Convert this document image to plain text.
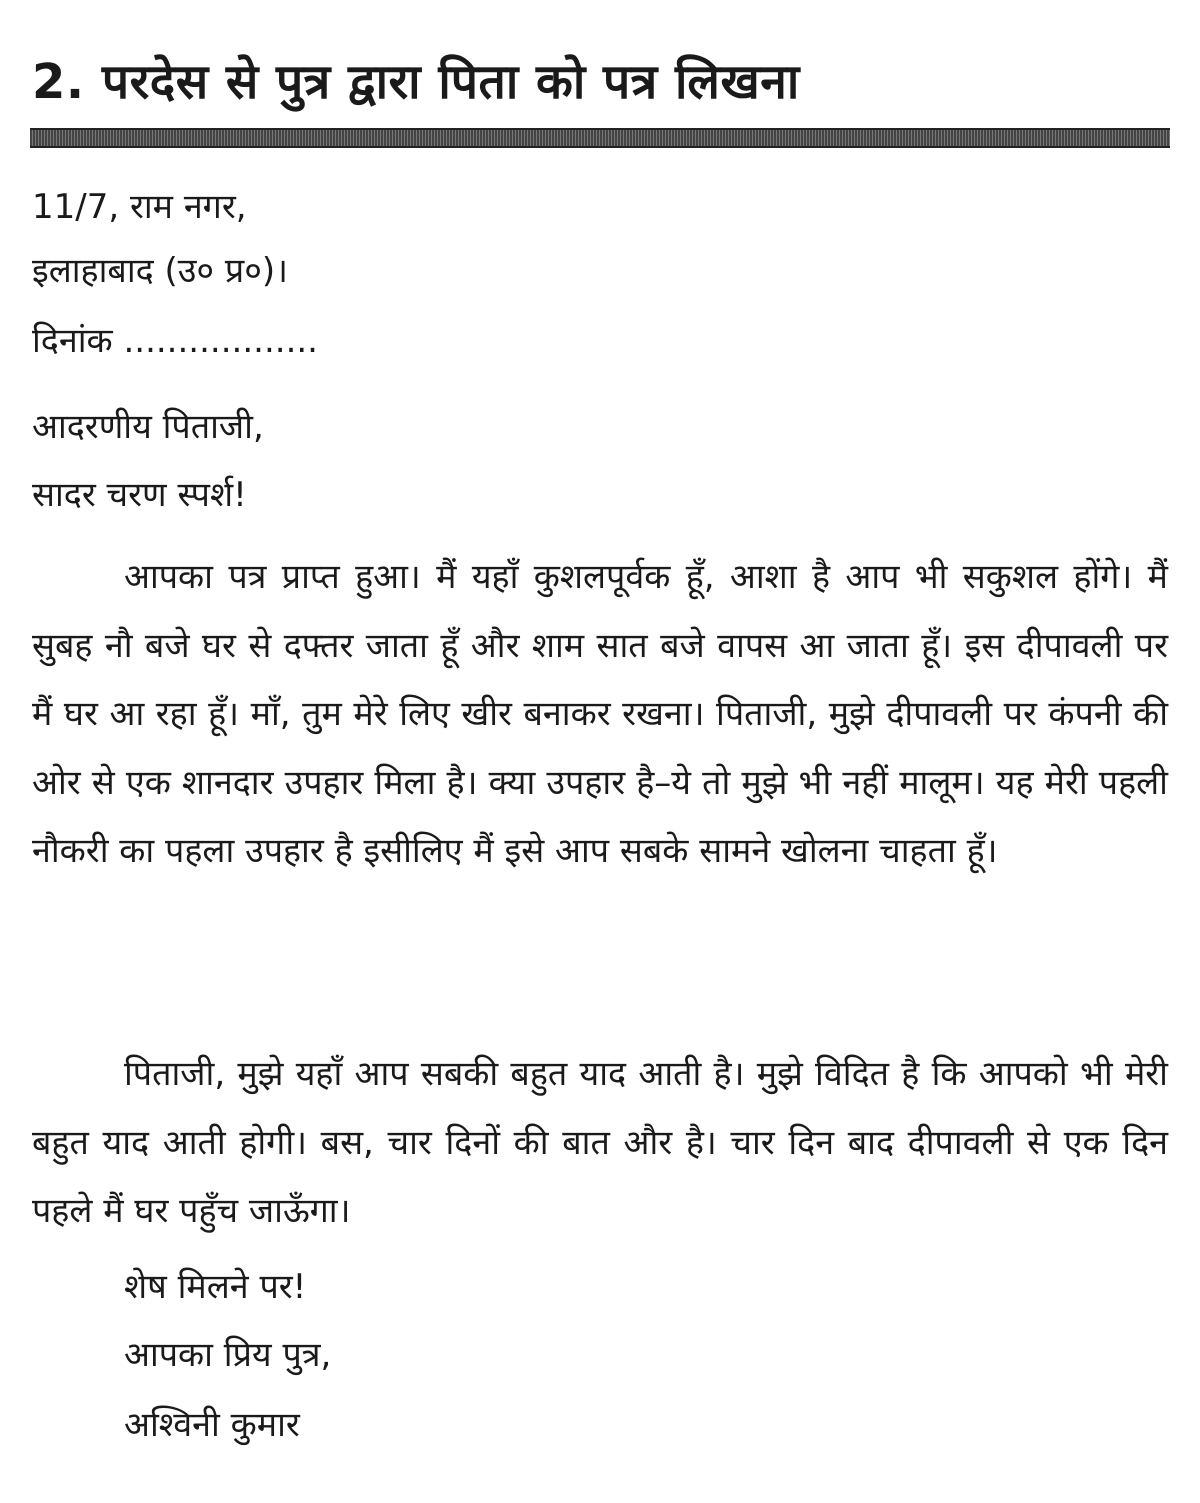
2. परदेस से पुत्र द्वारा पिता को पत्र लिखना
11/7, राम नगर,
इलाहाबाद (उ० प्र०)।
दिनांक ..................
आदरणीय पिताजी,
सादर चरण स्पर्श!
आपका पत्र प्राप्त हुआ। मैं यहाँ कुशलपूर्वक हूँ, आशा है आप भी सकुशल होंगे। मैं सुबह नौ बजे घर से दफ्तर जाता हूँ और शाम सात बजे वापस आ जाता हूँ। इस दीपावली पर मैं घर आ रहा हूँ। माँ, तुम मेरे लिए खीर बनाकर रखना। पिताजी, मुझे दीपावली पर कंपनी की ओर से एक शानदार उपहार मिला है। क्या उपहार है–ये तो मुझे भी नहीं मालूम। यह मेरी पहली नौकरी का पहला उपहार है इसीलिए मैं इसे आप सबके सामने खोलना चाहता हूँ।
पिताजी, मुझे यहाँ आप सबकी बहुत याद आती है। मुझे विदित है कि आपको भी मेरी बहुत याद आती होगी। बस, चार दिनों की बात और है। चार दिन बाद दीपावली से एक दिन पहले मैं घर पहुँच जाऊँगा।
शेष मिलने पर!
आपका प्रिय पुत्र,
अश्विनी कुमार
